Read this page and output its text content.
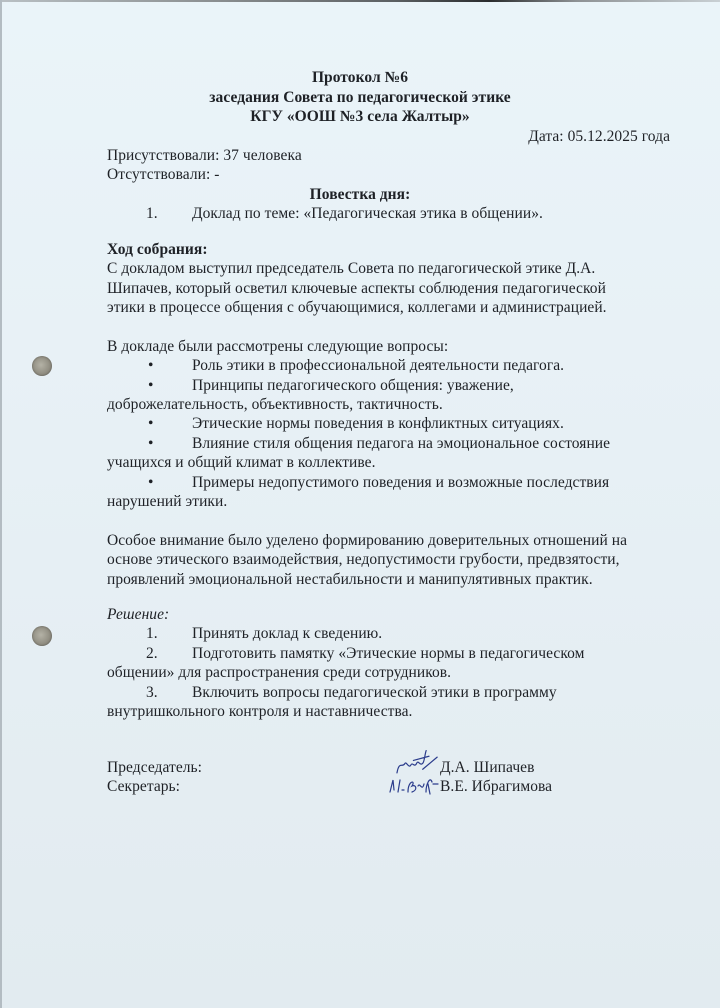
Протокол №6
заседания Совета по педагогической этике
КГУ «ООШ №3 села Жалтыр»
Дата: 05.12.2025 года
Присутствовали: 37 человека
Отсутствовали: -
Повестка дня:
1. Доклад по теме: «Педагогическая этика в общении».
Ход собрания:
С докладом выступил председатель Совета по педагогической этике Д.А.
Шипачев, который осветил ключевые аспекты соблюдения педагогической
этики в процессе общения с обучающимися, коллегами и администрацией.
В докладе были рассмотрены следующие вопросы:
• Роль этики в профессиональной деятельности педагога.
• Принципы педагогического общения: уважение,
доброжелательность, объективность, тактичность.
• Этические нормы поведения в конфликтных ситуациях.
• Влияние стиля общения педагога на эмоциональное состояние
учащихся и общий климат в коллективе.
• Примеры недопустимого поведения и возможные последствия
нарушений этики.
Особое внимание было уделено формированию доверительных отношений на
основе этического взаимодействия, недопустимости грубости, предвзятости,
проявлений эмоциональной нестабильности и манипулятивных практик.
Решение:
1. Принять доклад к сведению.
2. Подготовить памятку «Этические нормы в педагогическом
общении» для распространения среди сотрудников.
3. Включить вопросы педагогической этики в программу
внутришкольного контроля и наставничества.
Председатель:	Д.А. Шипачев
Секретарь:	В.Е. Ибрагимова
